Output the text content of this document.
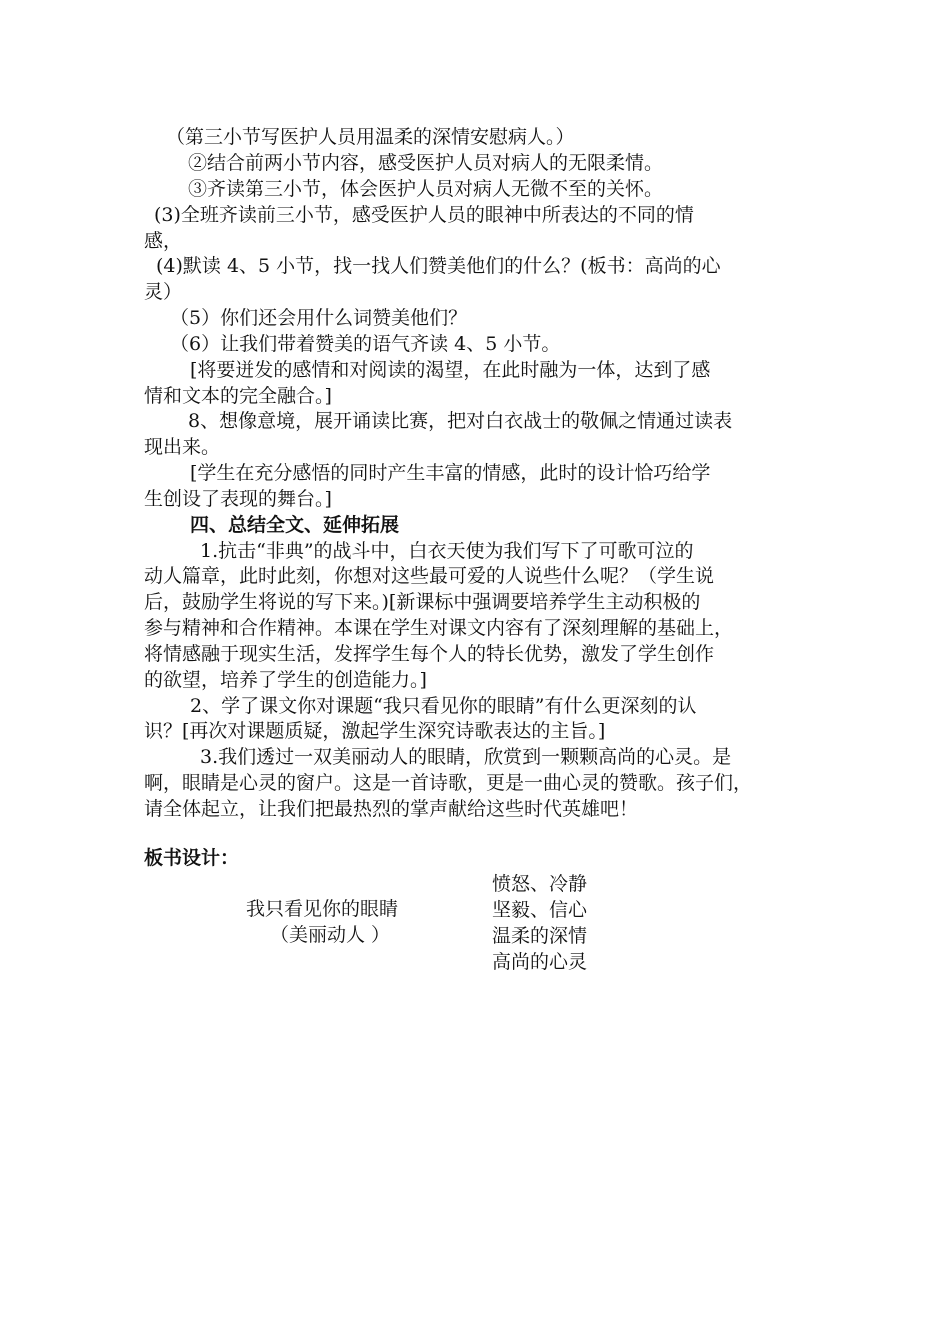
（第三小节写医护人员用温柔的深情安慰病人。）
②结合前两小节内容，感受医护人员对病人的无限柔情。
③齐读第三小节，体会医护人员对病人无微不至的关怀。
(3)全班齐读前三小节，感受医护人员的眼神中所表达的不同的情
感，
(4)默读 4、5 小节，找一找人们赞美他们的什么？(板书：高尚的心
灵）
（5）你们还会用什么词赞美他们？
（6）让我们带着赞美的语气齐读 4、5 小节。
[将要迸发的感情和对阅读的渴望，在此时融为一体，达到了感
情和文本的完全融合。]
8、想像意境，展开诵读比赛，把对白衣战士的敬佩之情通过读表
现出来。
[学生在充分感悟的同时产生丰富的情感，此时的设计恰巧给学
生创设了表现的舞台。]
四、总结全文、延伸拓展
1.抗击“非典”的战斗中，白衣天使为我们写下了可歌可泣的
动人篇章，此时此刻，你想对这些最可爱的人说些什么呢？（学生说
后，鼓励学生将说的写下来。)[新课标中强调要培养学生主动积极的
参与精神和合作精神。本课在学生对课文内容有了深刻理解的基础上，
将情感融于现实生活，发挥学生每个人的特长优势，激发了学生创作
的欲望，培养了学生的创造能力。]
2、学了课文你对课题“我只看见你的眼睛”有什么更深刻的认
识？[再次对课题质疑，激起学生深究诗歌表达的主旨。]
3.我们透过一双美丽动人的眼睛，欣赏到一颗颗高尚的心灵。是
啊，眼睛是心灵的窗户。这是一首诗歌，更是一曲心灵的赞歌。孩子们，
请全体起立，让我们把最热烈的掌声献给这些时代英雄吧！
板书设计：
我只看见你的眼睛
（美丽动人 ）
愤怒、冷静
坚毅、信心
温柔的深情
高尚的心灵
